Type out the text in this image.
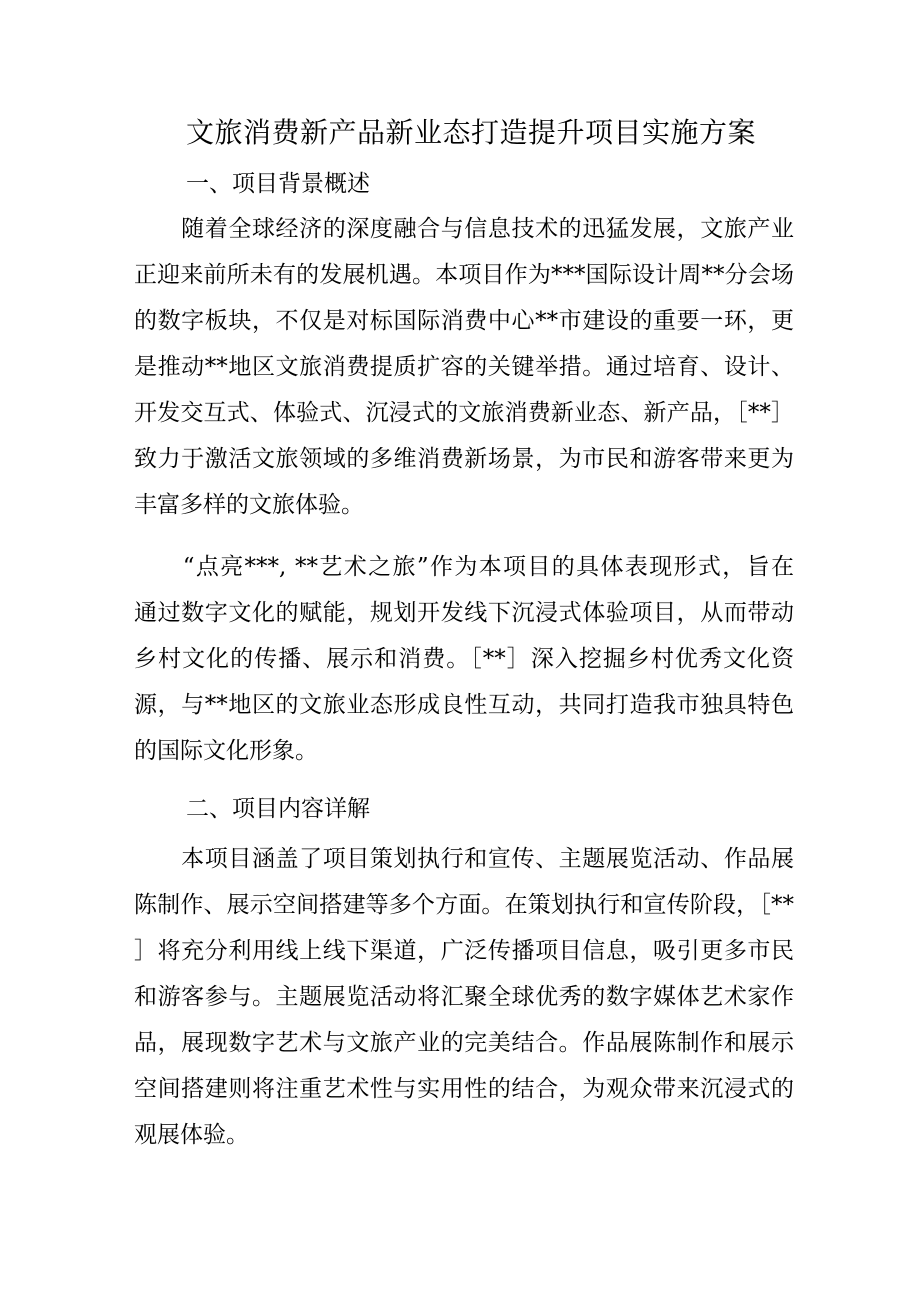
文旅消费新产品新业态打造提升项目实施方案
一、项目背景概述
　　随着全球经济的深度融合与信息技术的迅猛发展，文旅产业
正迎来前所未有的发展机遇。本项目作为***国际设计周**分会场
的数字板块，不仅是对标国际消费中心**市建设的重要一环，更
是推动**地区文旅消费提质扩容的关键举措。通过培育、设计、
开发交互式、体验式、沉浸式的文旅消费新业态、新产品，［**］
致力于激活文旅领域的多维消费新场景，为市民和游客带来更为
丰富多样的文旅体验。
　　“点亮***, **艺术之旅”作为本项目的具体表现形式，旨在
通过数字文化的赋能，规划开发线下沉浸式体验项目，从而带动
乡村文化的传播、展示和消费。［**］深入挖掘乡村优秀文化资
源，与**地区的文旅业态形成良性互动，共同打造我市独具特色
的国际文化形象。
二、项目内容详解
　　本项目涵盖了项目策划执行和宣传、主题展览活动、作品展
陈制作、展示空间搭建等多个方面。在策划执行和宣传阶段，［**
］将充分利用线上线下渠道，广泛传播项目信息，吸引更多市民
和游客参与。主题展览活动将汇聚全球优秀的数字媒体艺术家作
品，展现数字艺术与文旅产业的完美结合。作品展陈制作和展示
空间搭建则将注重艺术性与实用性的结合，为观众带来沉浸式的
观展体验。
